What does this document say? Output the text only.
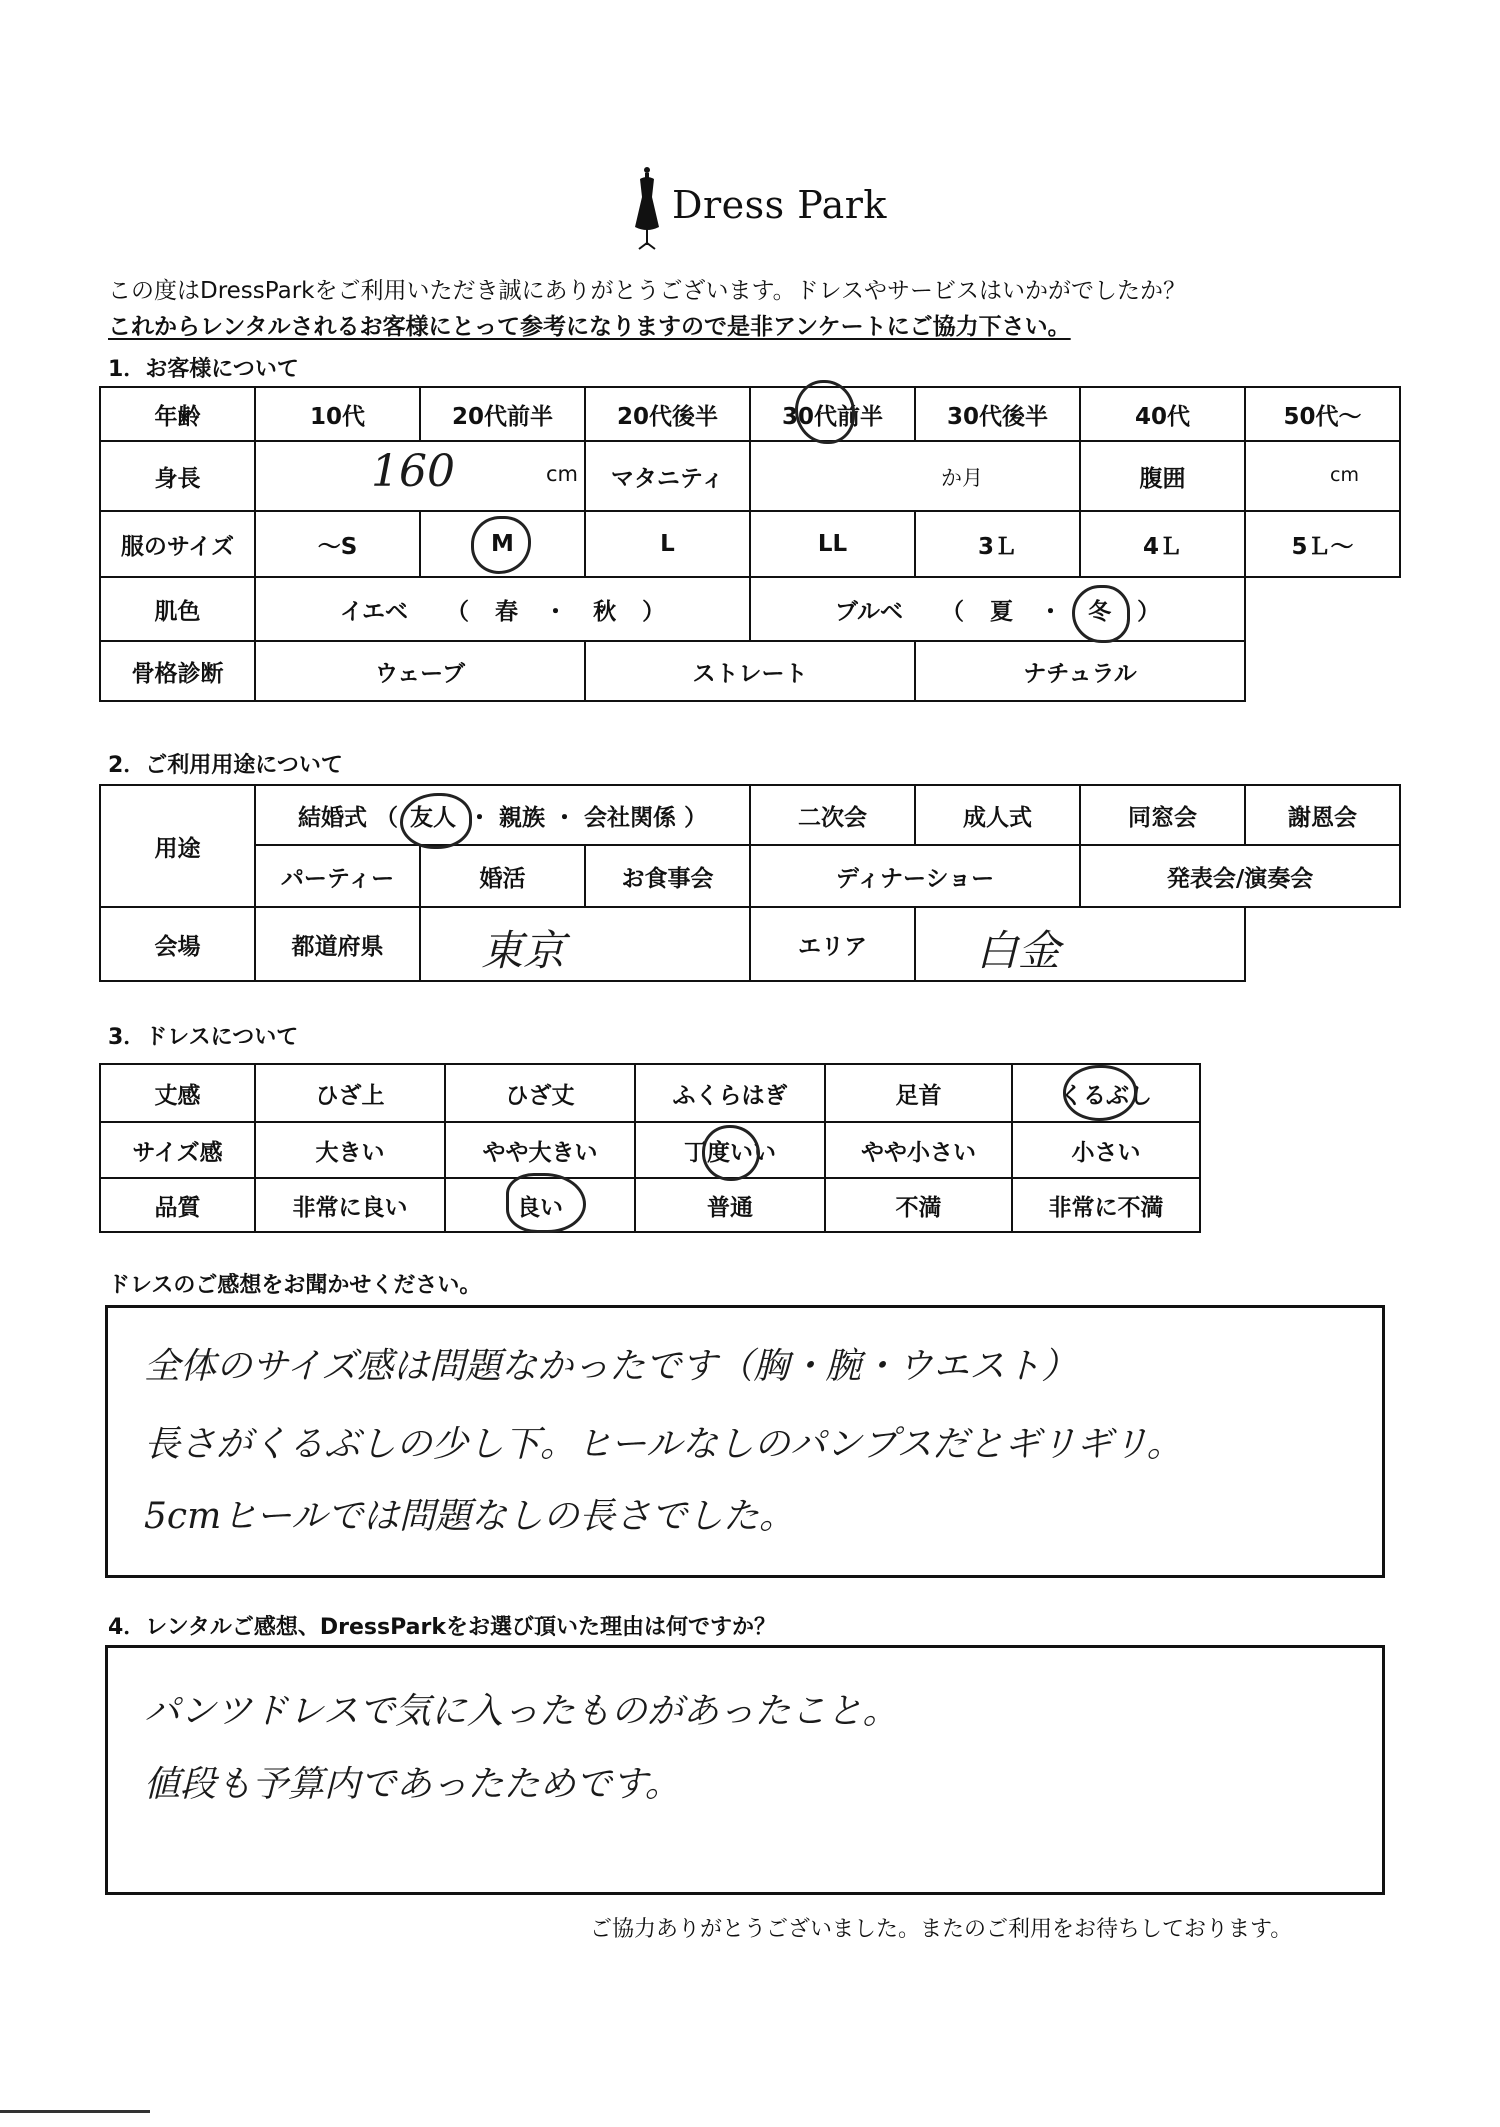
Dress Park
この度はDressParkをご利用いただき誠にありがとうございます。ドレスやサービスはいかがでしたか？
これからレンタルされるお客様にとって参考になりますので是非アンケートにご協力下さい。
1．お客様について
年齢	10代	20代前半	20代後半	30代前半	30代後半	40代	50代～
身長	160 cm		マタニティ	か月		腹囲	cm

服のサイズ	～S	M	L	LL	3Ｌ	4Ｌ	5Ｌ～
肌色	イエベ （ 春 ・ 秋 ）			ブルベ （ 夏 ・ 冬 ）			
骨格診断	ウェーブ		ストレート		ナチュラル		
2．ご利用用途について
用途	結婚式 （ 友人 ・ 親族 ・ 会社関係 ）			二次会	成人式	同窓会	謝恩会
	パーティー	婚活	お食事会	ディナーショー		発表会/演奏会	
会場	都道府県	東京		エリア	白金		

3．ドレスについて
丈感	ひざ上	ひざ丈	ふくらはぎ	足首	くるぶし

サイズ感	大きい	やや大きい	丁度いい	やや小さい	小さい
品質	非常に良い	良い	普通	不満	非常に不満
ドレスのご感想をお聞かせください。
全体のサイズ感は問題なかったです（胸・腕・ウエスト）
長さがくるぶしの少し下。ヒールなしのパンプスだとギリギリ。
5cmヒールでは問題なしの長さでした。
4．レンタルご感想、DressParkをお選び頂いた理由は何ですか？
パンツドレスで気に入ったものがあったこと。
値段も予算内であったためです。
ご協力ありがとうございました。またのご利用をお待ちしております。
